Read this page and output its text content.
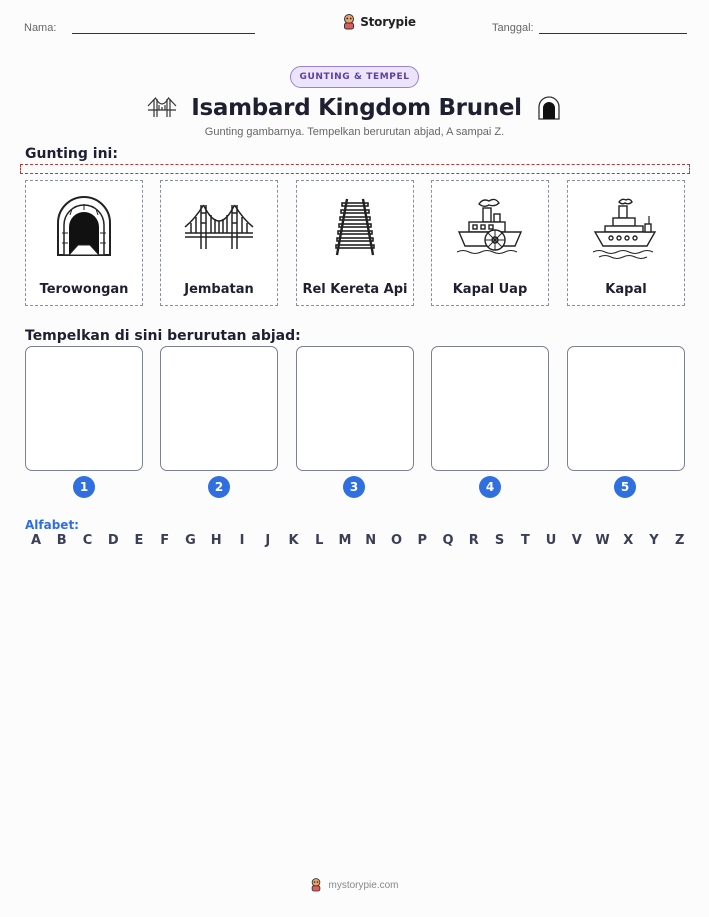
Nama:	Storypie	Tanggal:
GUNTING & TEMPEL
Isambard Kingdom Brunel
Gunting gambarnya. Tempelkan berurutan abjad, A sampai Z.
Gunting ini:
Terowongan	Jembatan	Rel Kereta Api	Kapal Uap	Kapal
Tempelkan di sini berurutan abjad:
1	2	3	4	5
Alfabet:
A B C D E F G H	I	J	K L M N O P Q R S T U V W X Y Z
mystorypie.com
